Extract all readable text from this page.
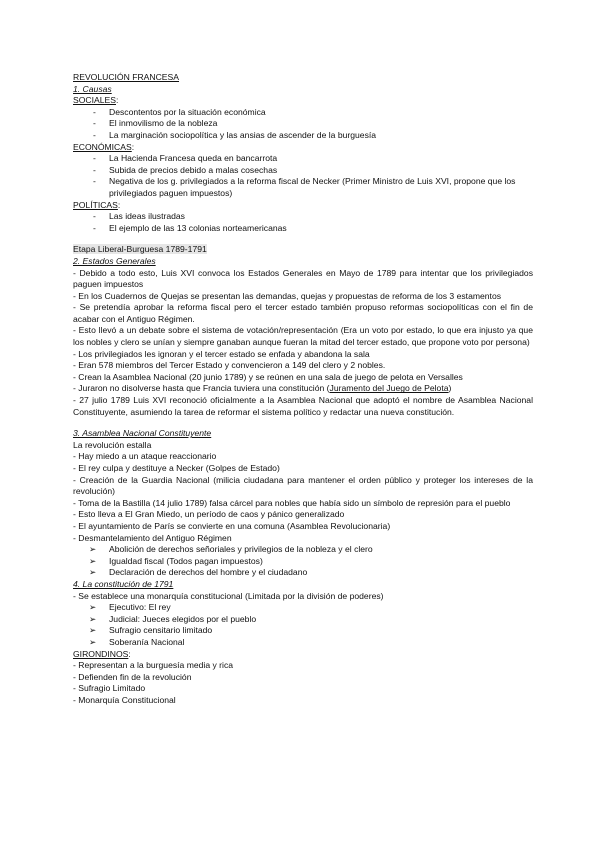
REVOLUCIÓN FRANCESA
1. Causas
SOCIALES:
- Descontentos por la situación económica
- El inmovilismo de la nobleza
- La marginación sociopolítica y las ansias de ascender de la burguesía
ECONÓMICAS:
- La Hacienda Francesa queda en bancarrota
- Subida de precios debido a malas cosechas
- Negativa de los g. privilegiados a la reforma fiscal de Necker (Primer Ministro de Luis XVI, propone que los privilegiados paguen impuestos)
POLÍTICAS:
- Las ideas ilustradas
- El ejemplo de las 13 colonias norteamericanas
Etapa Liberal-Burguesa 1789-1791
2. Estados Generales
- Debido a todo esto, Luis XVI convoca los Estados Generales en Mayo de 1789 para intentar que los privilegiados paguen impuestos
- En los Cuadernos de Quejas se presentan las demandas, quejas y propuestas de reforma de los 3 estamentos
- Se pretendía aprobar la reforma fiscal pero el tercer estado también propuso reformas sociopolíticas con el fin de acabar con el Antiguo Régimen.
- Esto llevó a un debate sobre el sistema de votación/representación (Era un voto por estado, lo que era injusto ya que los nobles y clero se unían y siempre ganaban aunque fueran la mitad del tercer estado, que propone voto por persona)
- Los privilegiados les ignoran y el tercer estado se enfada y abandona la sala
- Eran 578 miembros del Tercer Estado y convencieron a 149 del clero y 2 nobles.
- Crean la Asamblea Nacional (20 junio 1789) y se reúnen en una sala de juego de pelota en Versalles
- Juraron no disolverse hasta que Francia tuviera una constitución (Juramento del Juego de Pelota)
- 27 julio 1789 Luis XVI reconoció oficialmente a la Asamblea Nacional que adoptó el nombre de Asamblea Nacional Constituyente, asumiendo la tarea de reformar el sistema político y redactar una nueva constitución.
3. Asamblea Nacional Constituyente
La revolución estalla
- Hay miedo a un ataque reaccionario
- El rey culpa y destituye a Necker (Golpes de Estado)
- Creación de la Guardia Nacional (milicia ciudadana para mantener el orden público y proteger los intereses de la revolución)
- Toma de la Bastilla (14 julio 1789) falsa cárcel para nobles que había sido un símbolo de represión para el pueblo
- Esto lleva a El Gran Miedo, un período de caos y pánico generalizado
- El ayuntamiento de París se convierte en una comuna (Asamblea Revolucionaria)
- Desmantelamiento del Antiguo Régimen
➢ Abolición de derechos señoriales y privilegios de la nobleza y el clero
➢ Igualdad fiscal (Todos pagan impuestos)
➢ Declaración de derechos del hombre y el ciudadano
4. La constitución de 1791
- Se establece una monarquía constitucional (Limitada por la división de poderes)
➢ Ejecutivo: El rey
➢ Judicial: Jueces elegidos por el pueblo
➢ Sufragio censitario limitado
➢ Soberanía Nacional
GIRONDINOS:
- Representan a la burguesía media y rica
- Defienden fin de la revolución
- Sufragio Limitado
- Monarquía Constitucional
